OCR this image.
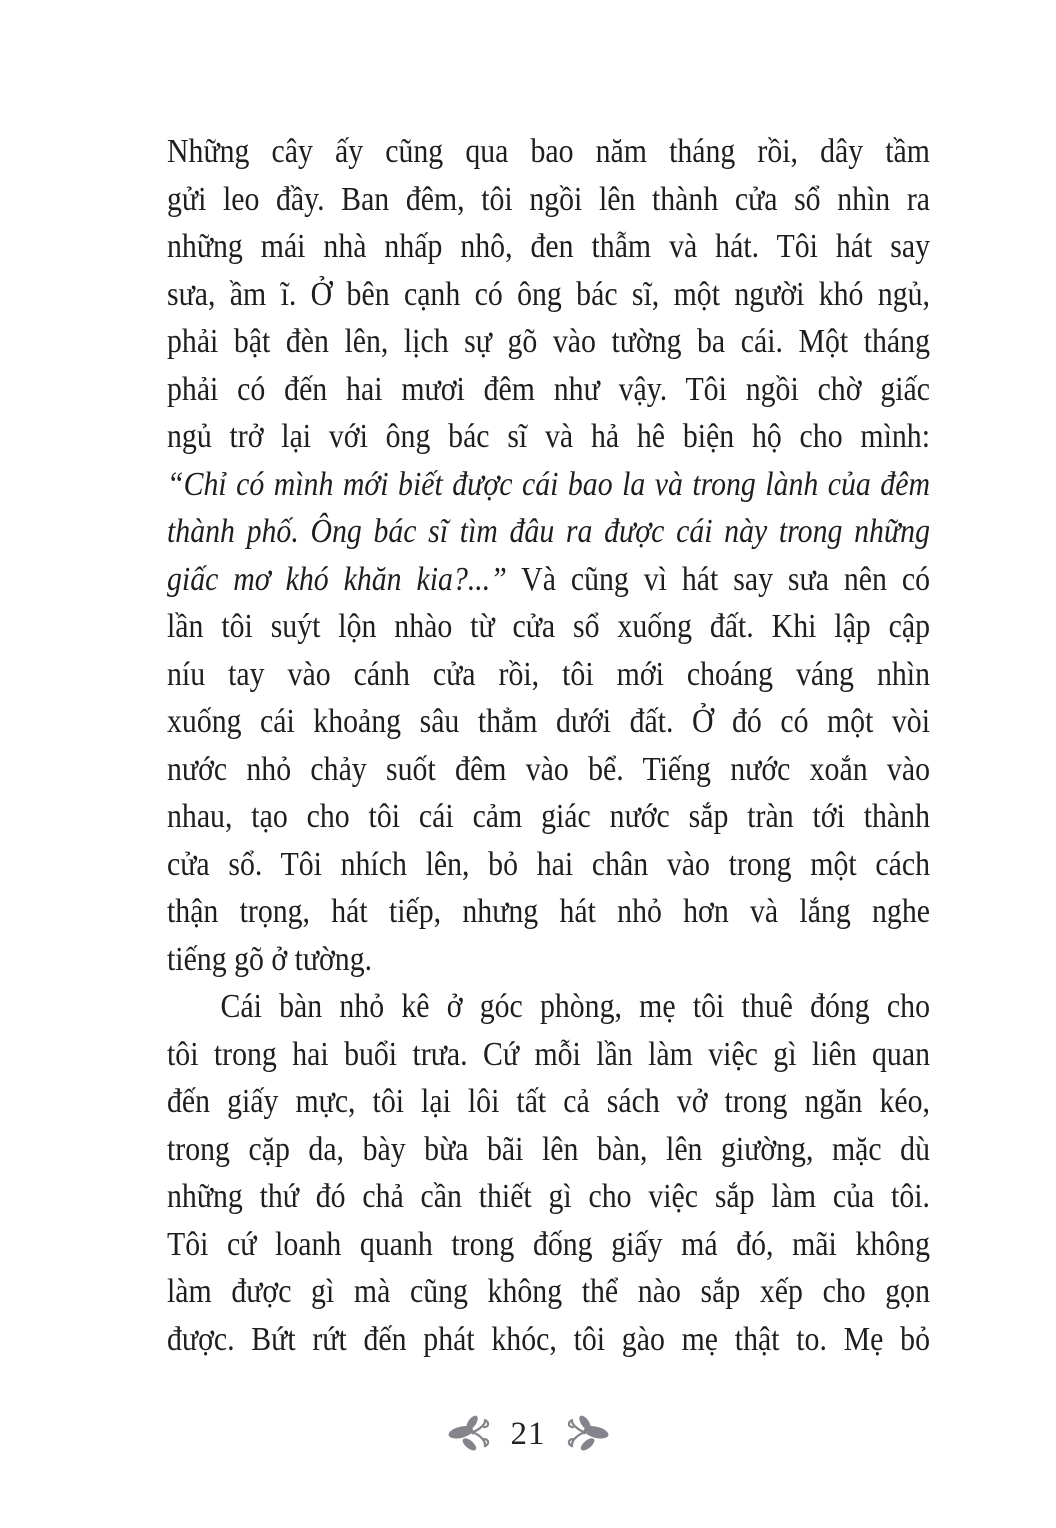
Những cây ấy cũng qua bao năm tháng rồi, dây tầm
gửi leo đầy. Ban đêm, tôi ngồi lên thành cửa sổ nhìn ra
những mái nhà nhấp nhô, đen thẫm và hát. Tôi hát say
sưa, ầm ĩ. Ở bên cạnh có ông bác sĩ, một người khó ngủ,
phải bật đèn lên, lịch sự gõ vào tường ba cái. Một tháng
phải có đến hai mươi đêm như vậy. Tôi ngồi chờ giấc
ngủ trở lại với ông bác sĩ và hả hê biện hộ cho mình:
“Chỉ có mình mới biết được cái bao la và trong lành của đêm
thành phố. Ông bác sĩ tìm đâu ra được cái này trong những
giấc mơ khó khăn kia?...” Và cũng vì hát say sưa nên có
lần tôi suýt lộn nhào từ cửa sổ xuống đất. Khi lập cập
níu tay vào cánh cửa rồi, tôi mới choáng váng nhìn
xuống cái khoảng sâu thẳm dưới đất. Ở đó có một vòi
nước nhỏ chảy suốt đêm vào bể. Tiếng nước xoắn vào
nhau, tạo cho tôi cái cảm giác nước sắp tràn tới thành
cửa sổ. Tôi nhích lên, bỏ hai chân vào trong một cách
thận trọng, hát tiếp, nhưng hát nhỏ hơn và lắng nghe
tiếng gõ ở tường.
Cái bàn nhỏ kê ở góc phòng, mẹ tôi thuê đóng cho
tôi trong hai buổi trưa. Cứ mỗi lần làm việc gì liên quan
đến giấy mực, tôi lại lôi tất cả sách vở trong ngăn kéo,
trong cặp da, bày bừa bãi lên bàn, lên giường, mặc dù
những thứ đó chả cần thiết gì cho việc sắp làm của tôi.
Tôi cứ loanh quanh trong đống giấy má đó, mãi không
làm được gì mà cũng không thể nào sắp xếp cho gọn
được. Bứt rứt đến phát khóc, tôi gào mẹ thật to. Mẹ bỏ
21
